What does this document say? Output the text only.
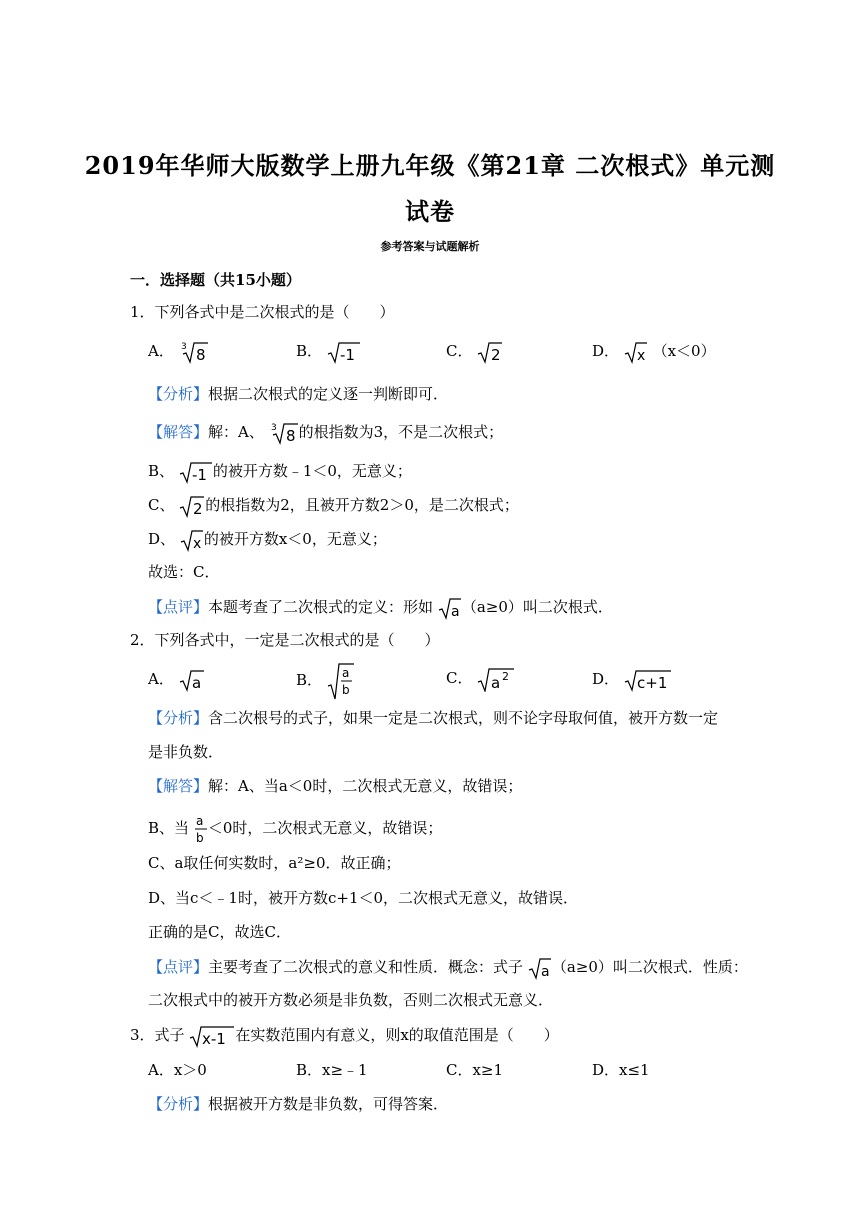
2019年华师大版数学上册九年级《第21章 二次根式》单元测
试卷
参考答案与试题解析
一．选择题（共15小题）
1．下列各式中是二次根式的是（　　）
A． 3 8	B． -1	C． 2	D． x （x＜0）
【分析】根据二次根式的定义逐一判断即可．
【解答】解：A、 3 8 的根指数为3，不是二次根式；
B、 -1 的被开方数﹣1＜0，无意义；
C、 2 的根指数为2，且被开方数2＞0，是二次根式；
D、 x 的被开方数x＜0，无意义；
故选：C．
【点评】本题考查了二次根式的定义：形如 a （a≥0）叫二次根式．
2．下列各式中，一定是二次根式的是（　　）
A． a	B． a
b
C． a 2	D． c+1
【分析】含二次根号的式子，如果一定是二次根式，则不论字母取何值，被开方数一定
是非负数．
【解答】解：A、当a＜0时，二次根式无意义，故错误；
B、当 a
b
＜0时，二次根式无意义，故错误；
C、a取任何实数时，a²≥0．故正确；
D、当c＜﹣1时，被开方数c+1＜0，二次根式无意义，故错误．
正确的是C，故选C．
【点评】主要考查了二次根式的意义和性质．概念：式子 a （a≥0）叫二次根式．性质：
二次根式中的被开方数必须是非负数，否则二次根式无意义．
3．式子 x-1 在实数范围内有意义，则x的取值范围是（　　）
A．x＞0	B．x≥﹣1	C．x≥1	D．x≤1
【分析】根据被开方数是非负数，可得答案．
